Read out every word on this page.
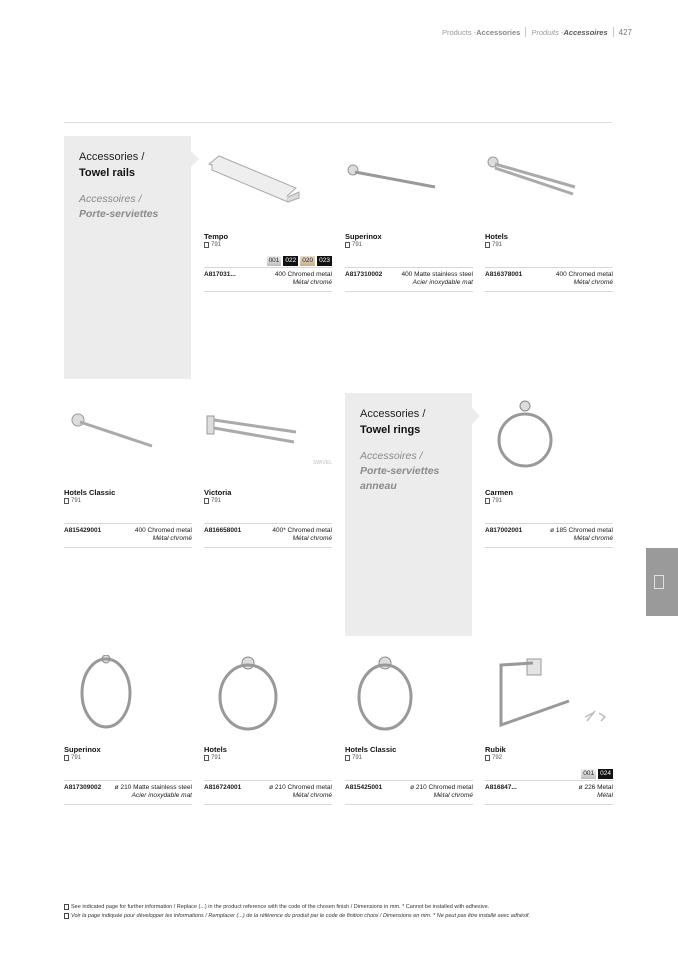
Products - Accessories Produits - Accessoires 427
Accessories /
Towel rails
Accessoires /
Porte-serviettes
Accessories /
Towel rings
Accessoires /
Porte-serviettes
anneau
Tempo
791
001 022 020 023
A817031...	400 Chromed metal
Métal chromé
Superinox
791
A817310002	400 Matte stainless steel
Acier inoxydable mat
Hotels
791
A816378001	400 Chromed metal
Métal chromé
Hotels Classic
791
A815429001	400 Chromed metal
Métal chromé
SWIVEL
Victoria
791
A816658001	400* Chromed metal
Métal chromé
Carmen
791
A817002001	ø 185 Chromed metal
Métal chromé
Superinox
791
A817309002	ø 210 Matte stainless steel
Acier inoxydable mat
Hotels
791
A816724001	ø 210 Chromed metal
Métal chromé
Hotels Classic
791
A815425001	ø 210 Chromed metal
Métal chromé
Rubik
792
001 024
A816847...	ø 226 Metal
Métal
See indicated page for further information / Replace (...) in the product reference with the code of the chosen finish / Dimensions in mm. * Cannot be installed with adhesive.
Voir la page indiquée pour développer les informations / Remplacer (...) de la référence du produit par le code de finition choisi / Dimensions en mm. * Ne peut pas être installé avec adhésif.
